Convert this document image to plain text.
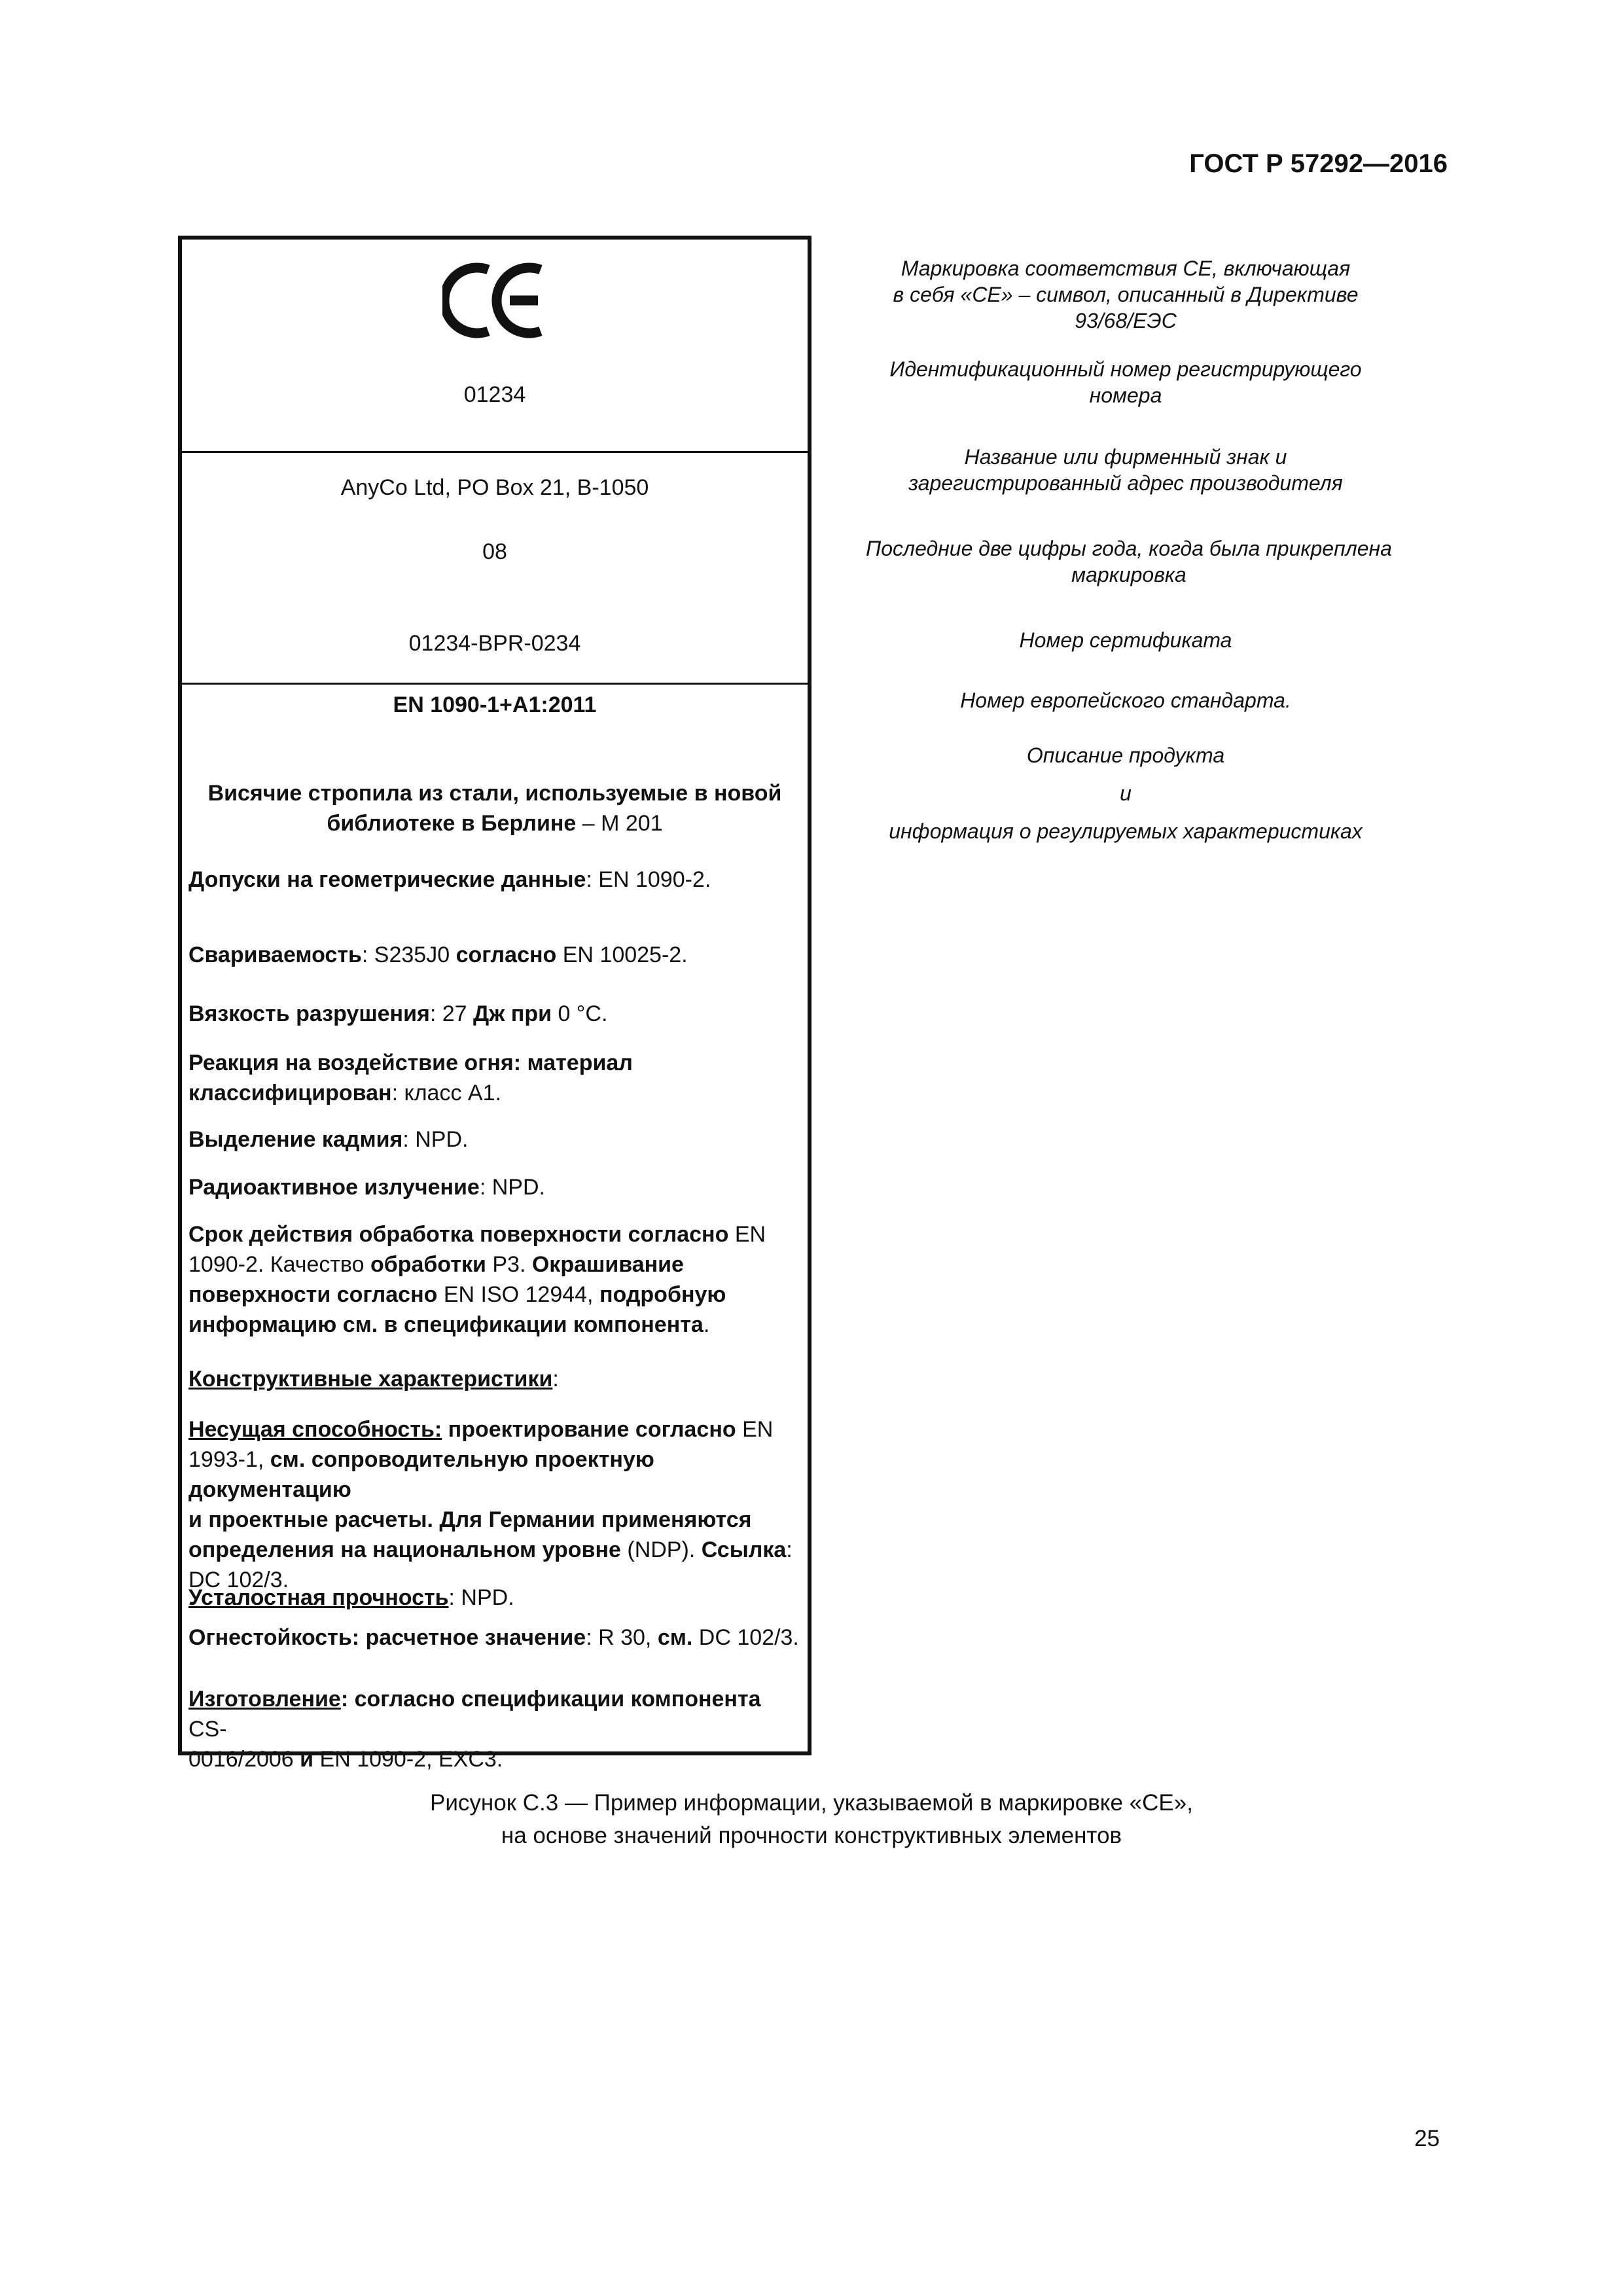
ГОСТ Р 57292—2016
01234
AnyCo Ltd, PO Box 21, B-1050
08
01234-BPR-0234
EN 1090-1+A1:2011
Висячие стропила из стали, используемые в новой
библиотеке в Берлине – М 201
Допуски на геометрические данные: EN 1090-2.
Свариваемость: S235J0 согласно EN 10025-2.
Вязкость разрушения: 27 Дж при 0 °C.
Реакция на воздействие огня: материал
классифицирован: класс А1.
Выделение кадмия: NPD.
Радиоактивное излучение: NPD.
Срок действия обработка поверхности согласно EN
1090-2. Качество обработки P3. Окрашивание
поверхности согласно EN ISO 12944, подробную
информацию см. в спецификации компонента.
Конструктивные характеристики:
Несущая способность: проектирование согласно EN
1993-1, см. сопроводительную проектную документацию
и проектные расчеты. Для Германии применяются
определения на национальном уровне (NDP). Ссылка:
DC 102/3.
Усталостная прочность: NPD.
Огнестойкость: расчетное значение: R 30, см. DC 102/3.
Изготовление: согласно спецификации компонента CS-
0016/2006 и EN 1090-2, EXC3.
Маркировка соответствия СЕ, включающая
в себя «CE» – символ, описанный в Директиве
93/68/ЕЭС
Идентификационный номер регистрирующего
номера
Название или фирменный знак и
зарегистрированный адрес производителя
Последние две цифры года, когда была прикреплена
маркировка
Номер сертификата
Номер европейского стандарта.
Описание продукта
и
информация о регулируемых характеристиках
Рисунок С.3 — Пример информации, указываемой в маркировке «CE»,
на основе значений прочности конструктивных элементов
25
